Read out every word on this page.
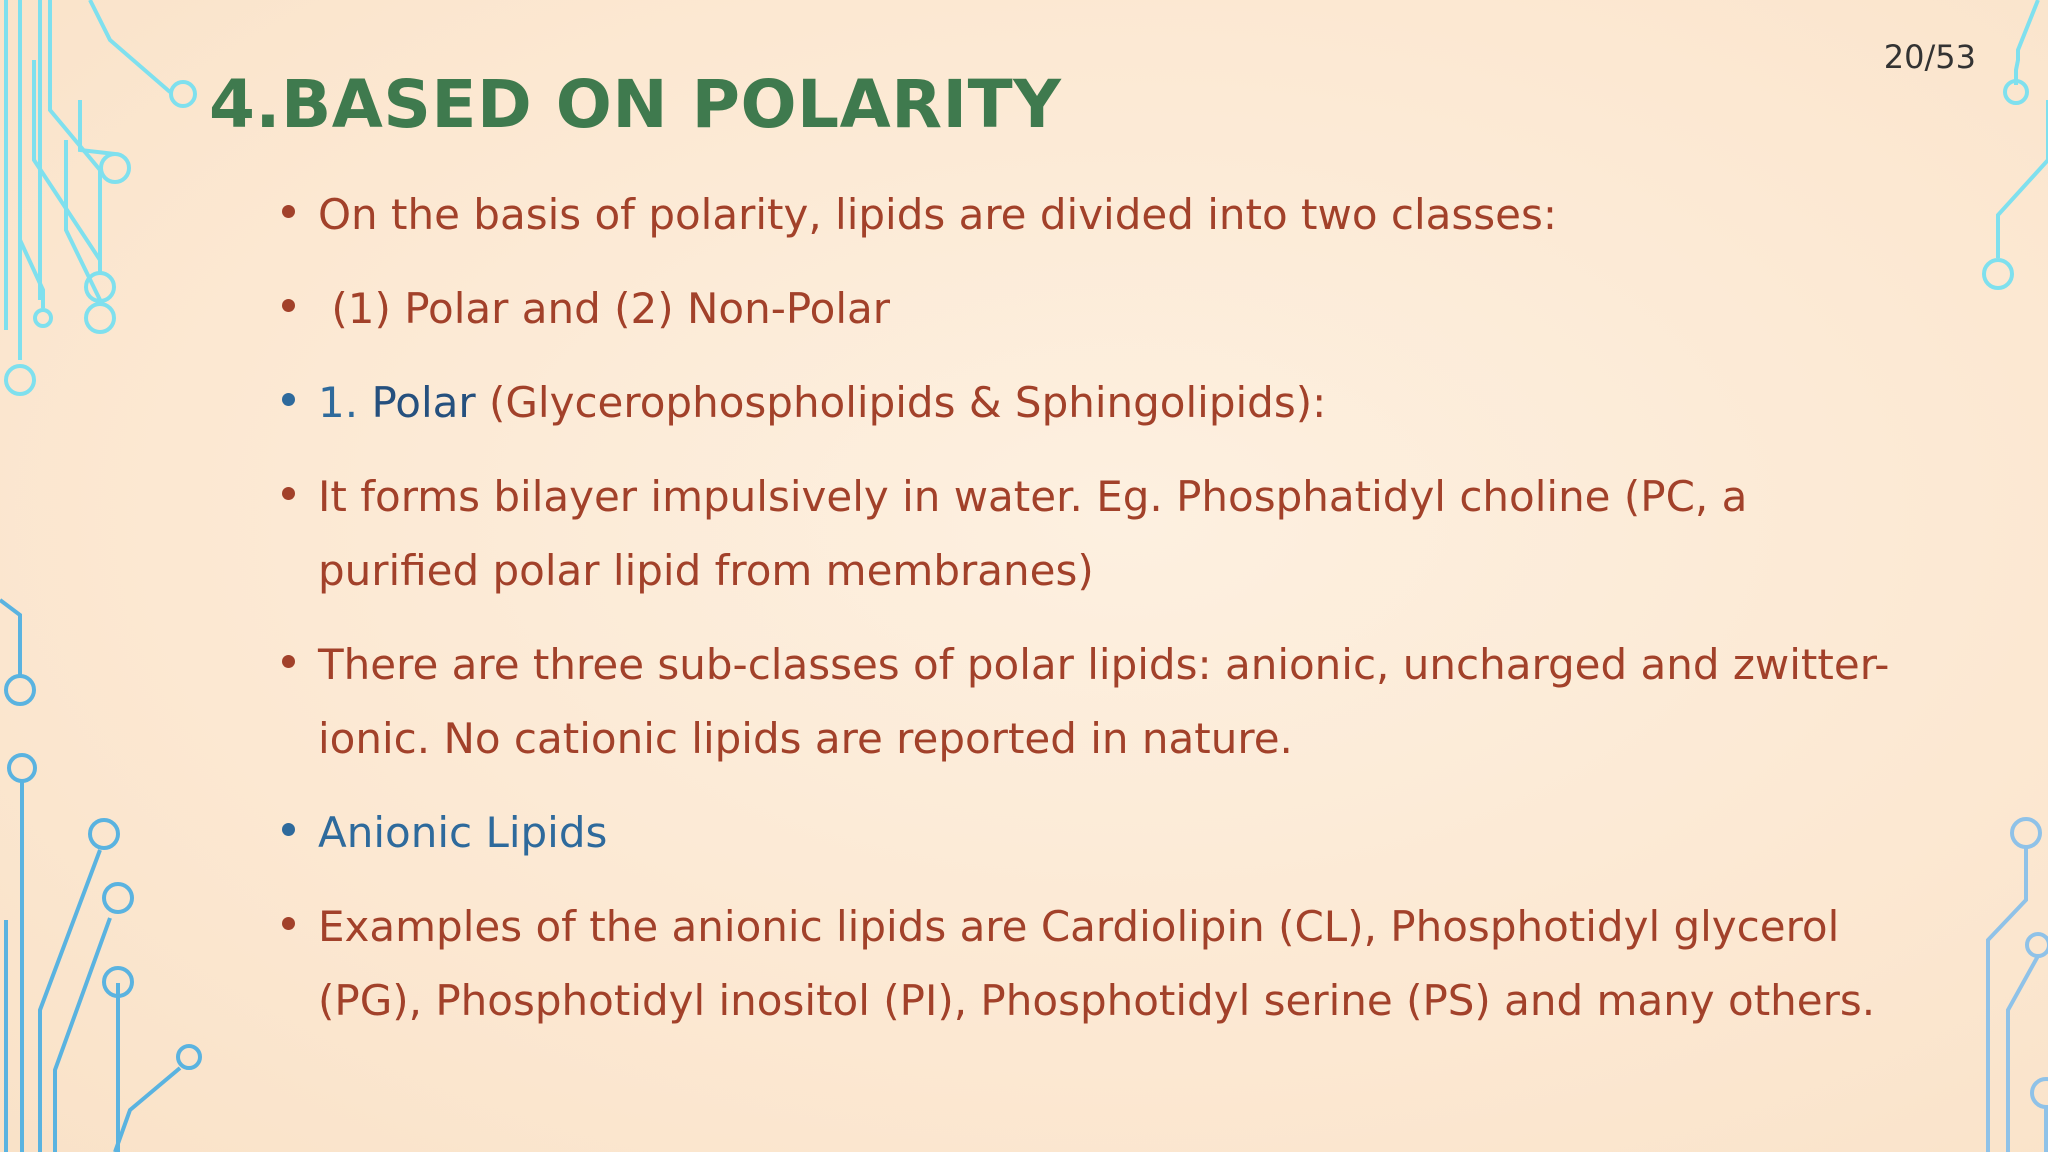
4.BASED ON POLARITY
20/53
On the basis of polarity, lipids are divided into two classes:
(1) Polar and (2) Non-Polar
1. Polar (Glycerophospholipids & Sphingolipids):
It forms bilayer impulsively in water. Eg. Phosphatidyl choline (PC, a purified polar lipid from membranes)
There are three sub-classes of polar lipids: anionic, uncharged and zwitter-ionic. No cationic lipids are reported in nature.
Anionic Lipids
Examples of the anionic lipids are Cardiolipin (CL), Phosphotidyl glycerol (PG), Phosphotidyl inositol (PI), Phosphotidyl serine (PS) and many others.
